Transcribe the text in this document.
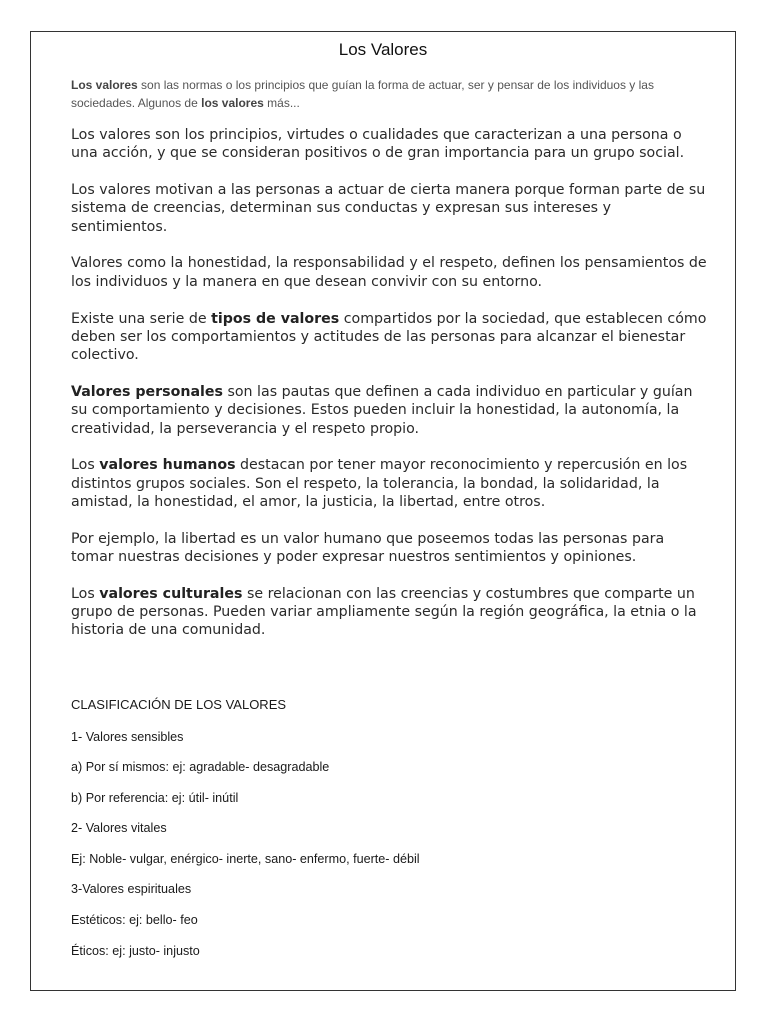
Los Valores

Los valores son las normas o los principios que guían la forma de actuar, ser y pensar de los individuos y las sociedades. Algunos de los valores más...

Los valores son los principios, virtudes o cualidades que caracterizan a una persona o una acción, y que se consideran positivos o de gran importancia para un grupo social.

Los valores motivan a las personas a actuar de cierta manera porque forman parte de su sistema de creencias, determinan sus conductas y expresan sus intereses y sentimientos.

Valores como la honestidad, la responsabilidad y el respeto, definen los pensamientos de los individuos y la manera en que desean convivir con su entorno.

Existe una serie de tipos de valores compartidos por la sociedad, que establecen cómo deben ser los comportamientos y actitudes de las personas para alcanzar el bienestar colectivo.

Valores personales son las pautas que definen a cada individuo en particular y guían su comportamiento y decisiones. Estos pueden incluir la honestidad, la autonomía, la creatividad, la perseverancia y el respeto propio.

Los valores humanos destacan por tener mayor reconocimiento y repercusión en los distintos grupos sociales. Son el respeto, la tolerancia, la bondad, la solidaridad, la amistad, la honestidad, el amor, la justicia, la libertad, entre otros.

Por ejemplo, la libertad es un valor humano que poseemos todas las personas para tomar nuestras decisiones y poder expresar nuestros sentimientos y opiniones.

Los valores culturales se relacionan con las creencias y costumbres que comparte un grupo de personas. Pueden variar ampliamente según la región geográfica, la etnia o la historia de una comunidad.

CLASIFICACIÓN DE LOS VALORES
1- Valores sensibles
a) Por sí mismos: ej: agradable- desagradable
b) Por referencia: ej: útil- inútil
2- Valores vitales
Ej: Noble- vulgar, enérgico- inerte, sano- enfermo, fuerte- débil
3-Valores espirituales
Estéticos: ej: bello- feo
Éticos: ej: justo- injusto
